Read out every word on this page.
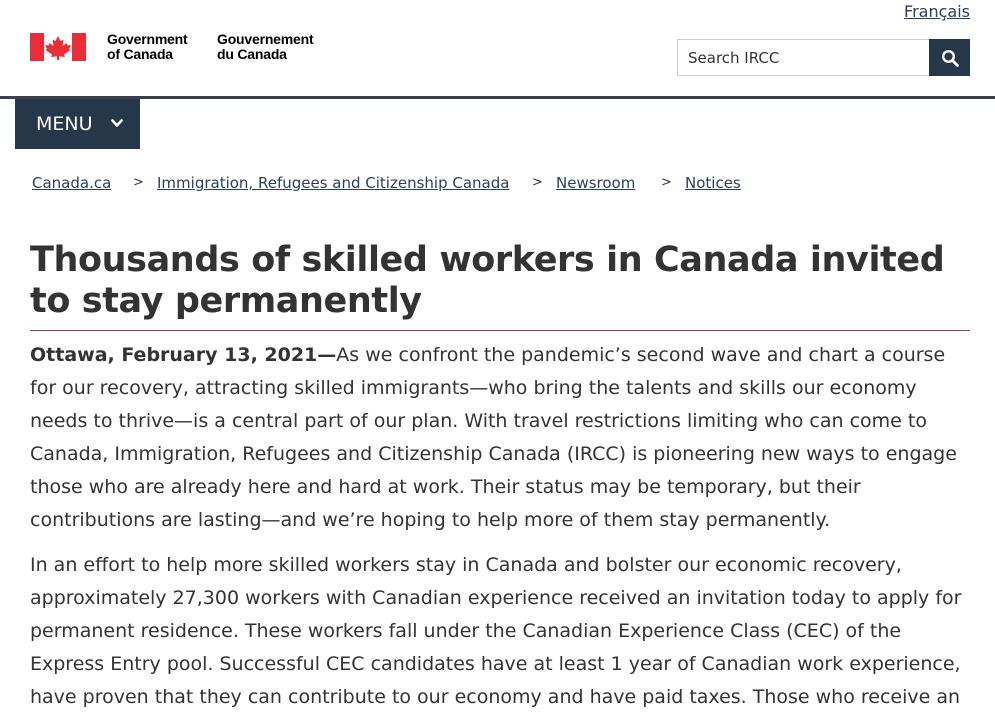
Français
Government
of Canada
Gouvernement
du Canada
Search IRCC
MENU
Canada.ca > Immigration, Refugees and Citizenship Canada > Newsroom > Notices
Thousands of skilled workers in Canada invited to stay permanently

Ottawa, February 13, 2021—As we confront the pandemic’s second wave and chart a course for our recovery, attracting skilled immigrants—who bring the talents and skills our economy needs to thrive—is a central part of our plan. With travel restrictions limiting who can come to Canada, Immigration, Refugees and Citizenship Canada (IRCC) is pioneering new ways to engage those who are already here and hard at work. Their status may be temporary, but their contributions are lasting—and we’re hoping to help more of them stay permanently.

In an effort to help more skilled workers stay in Canada and bolster our economic recovery, approximately 27,300 workers with Canadian experience received an invitation today to apply for permanent residence. These workers fall under the Canadian Experience Class (CEC) of the Express Entry pool. Successful CEC candidates have at least 1 year of Canadian work experience, have proven that they can contribute to our economy and have paid taxes. Those who receive an
